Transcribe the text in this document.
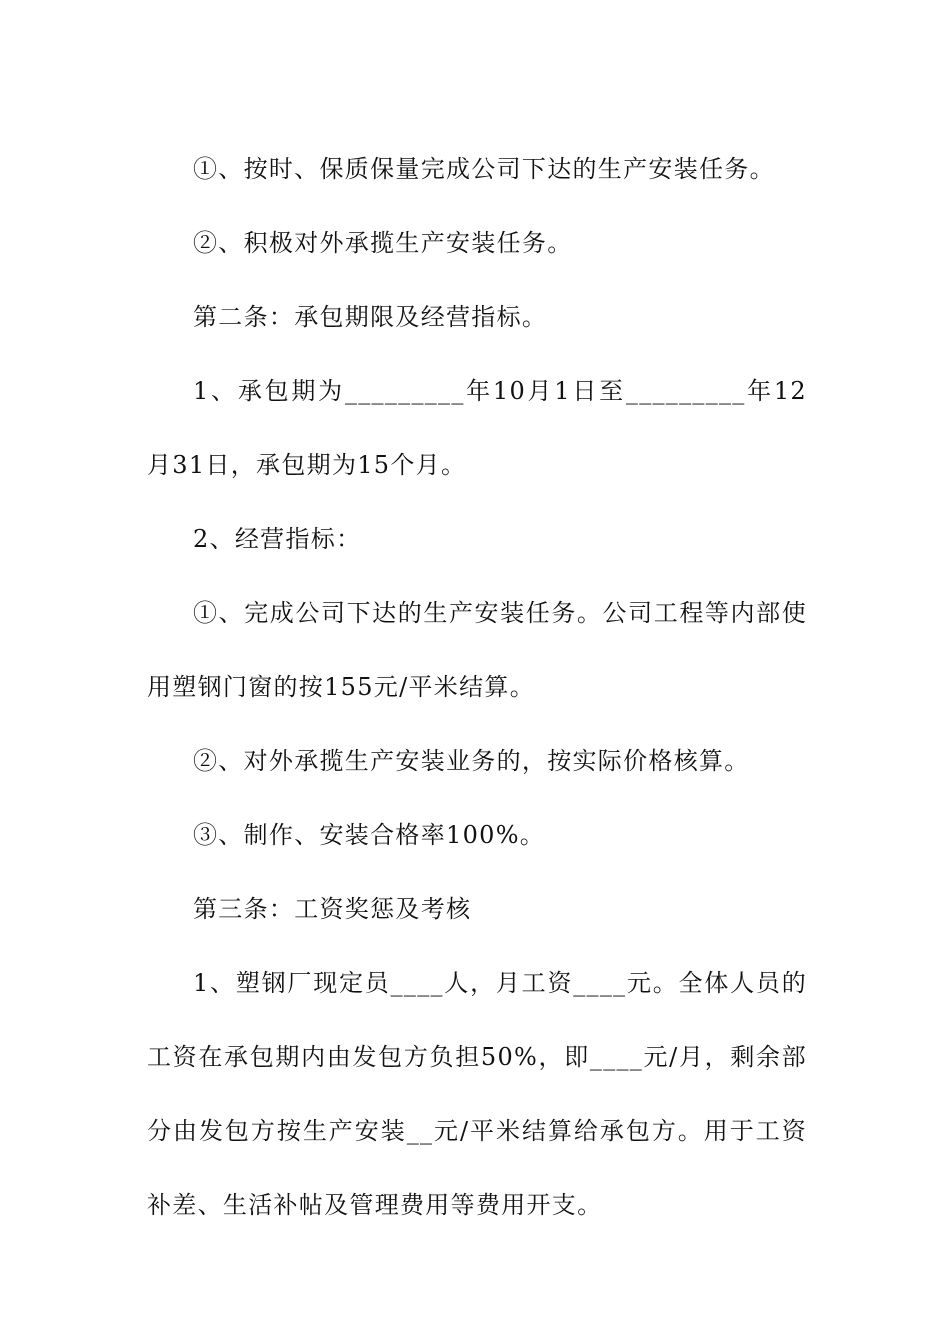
①、按时、保质保量完成公司下达的生产安装任务。

②、积极对外承揽生产安装任务。

第二条：承包期限及经营指标。

1、承包期为_________年10月1日至_________年12月31日，承包期为15个月。

2、经营指标：

①、完成公司下达的生产安装任务。公司工程等内部使用塑钢门窗的按155元/平米结算。

②、对外承揽生产安装业务的，按实际价格核算。

③、制作、安装合格率100%。

第三条：工资奖惩及考核

1、塑钢厂现定员____人，月工资____元。全体人员的工资在承包期内由发包方负担50%，即____元/月，剩余部分由发包方按生产安装__元/平米结算给承包方。用于工资补差、生活补帖及管理费用等费用开支。
